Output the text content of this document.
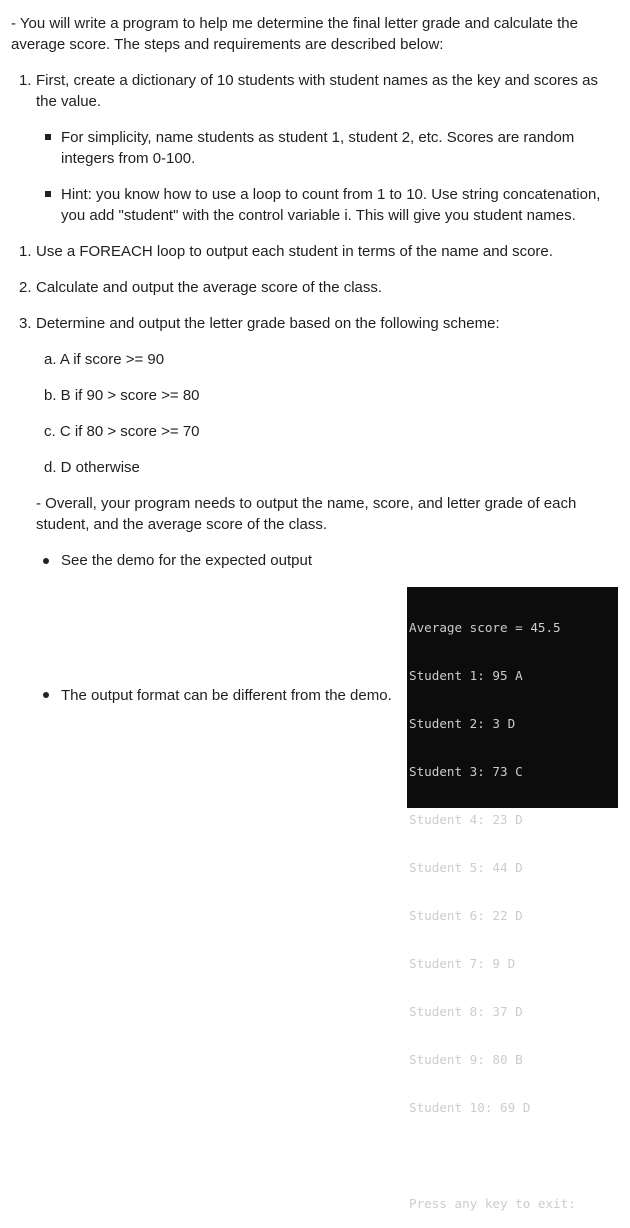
- You will write a program to help me determine the final letter grade and calculate the average score. The steps and requirements are described below:

1. First, create a dictionary of 10 students with student names as the key and scores as the value.

For simplicity, name students as student 1, student 2, etc. Scores are random integers from 0-100.

Hint: you know how to use a loop to count from 1 to 10. Use string concatenation, you add "student" with the control variable i. This will give you student names.

1. Use a FOREACH loop to output each student in terms of the name and score.

2. Calculate and output the average score of the class.

3. Determine and output the letter grade based on the following scheme:

a. A if score >= 90

b. B if 90 > score >= 80

c. C if 80 > score >= 70

d. D otherwise

- Overall, your program needs to output the name, score, and letter grade of each student, and the average score of the class.

See the demo for the expected output

The output format can be different from the demo.

Average score = 45.5

Student 1: 95 A

Student 2: 3 D

Student 3: 73 C

Student 4: 23 D

Student 5: 44 D

Student 6: 22 D

Student 7: 9 D

Student 8: 37 D

Student 9: 80 B

Student 10: 69 D

Press any key to exit:
